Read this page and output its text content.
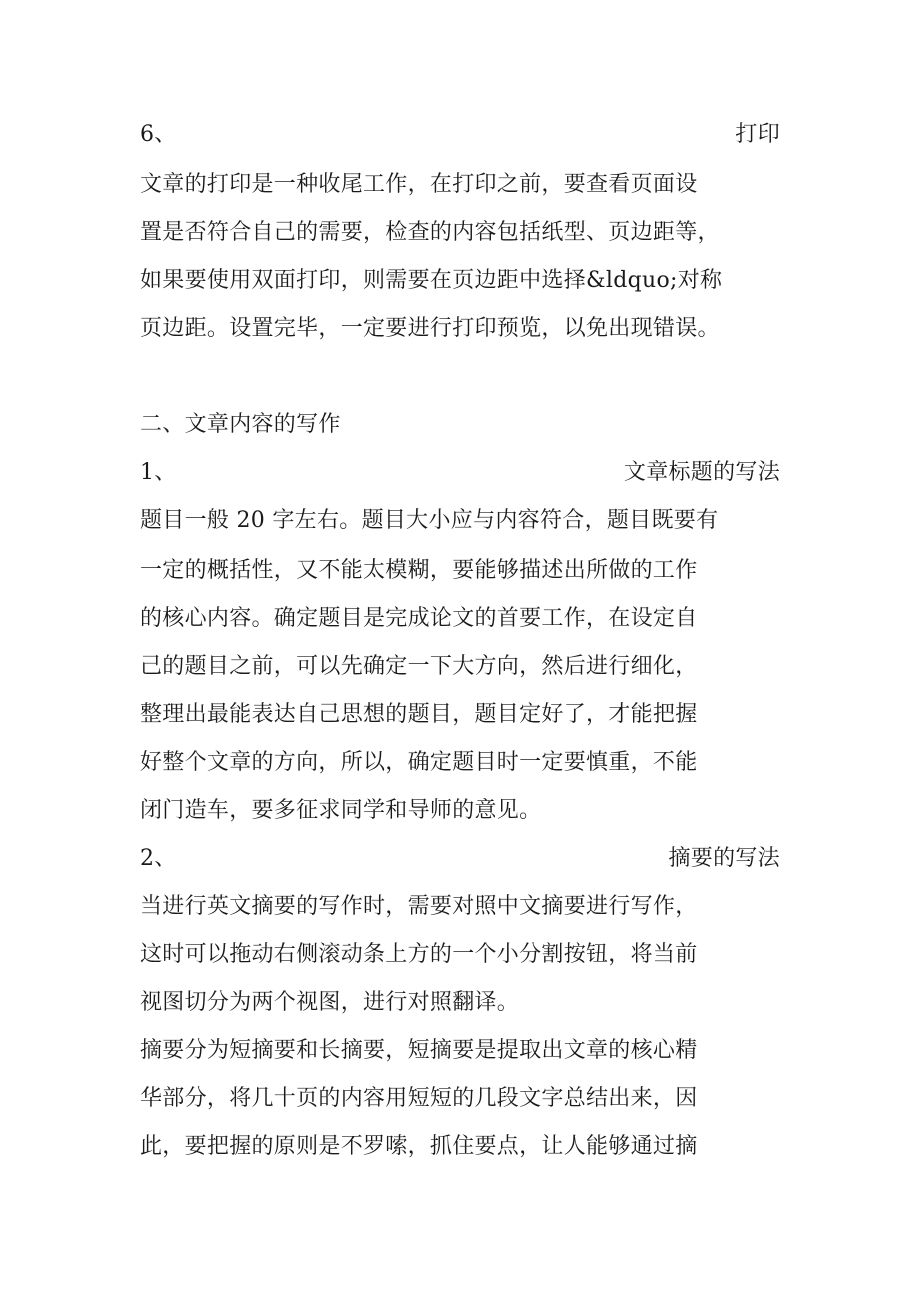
6、	打印
文章的打印是一种收尾工作，在打印之前，要查看页面设
置是否符合自己的需要，检查的内容包括纸型、页边距等，
如果要使用双面打印，则需要在页边距中选择&ldquo;对称
页边距。设置完毕，一定要进行打印预览，以免出现错误。
二、文章内容的写作
1、	文章标题的写法
题目一般 20 字左右。题目大小应与内容符合，题目既要有
一定的概括性，又不能太模糊，要能够描述出所做的工作
的核心内容。确定题目是完成论文的首要工作，在设定自
己的题目之前，可以先确定一下大方向，然后进行细化，
整理出最能表达自己思想的题目，题目定好了，才能把握
好整个文章的方向，所以，确定题目时一定要慎重，不能
闭门造车，要多征求同学和导师的意见。
2、	摘要的写法
当进行英文摘要的写作时，需要对照中文摘要进行写作，
这时可以拖动右侧滚动条上方的一个小分割按钮，将当前
视图切分为两个视图，进行对照翻译。
摘要分为短摘要和长摘要，短摘要是提取出文章的核心精
华部分，将几十页的内容用短短的几段文字总结出来，因
此，要把握的原则是不罗嗦，抓住要点，让人能够通过摘
